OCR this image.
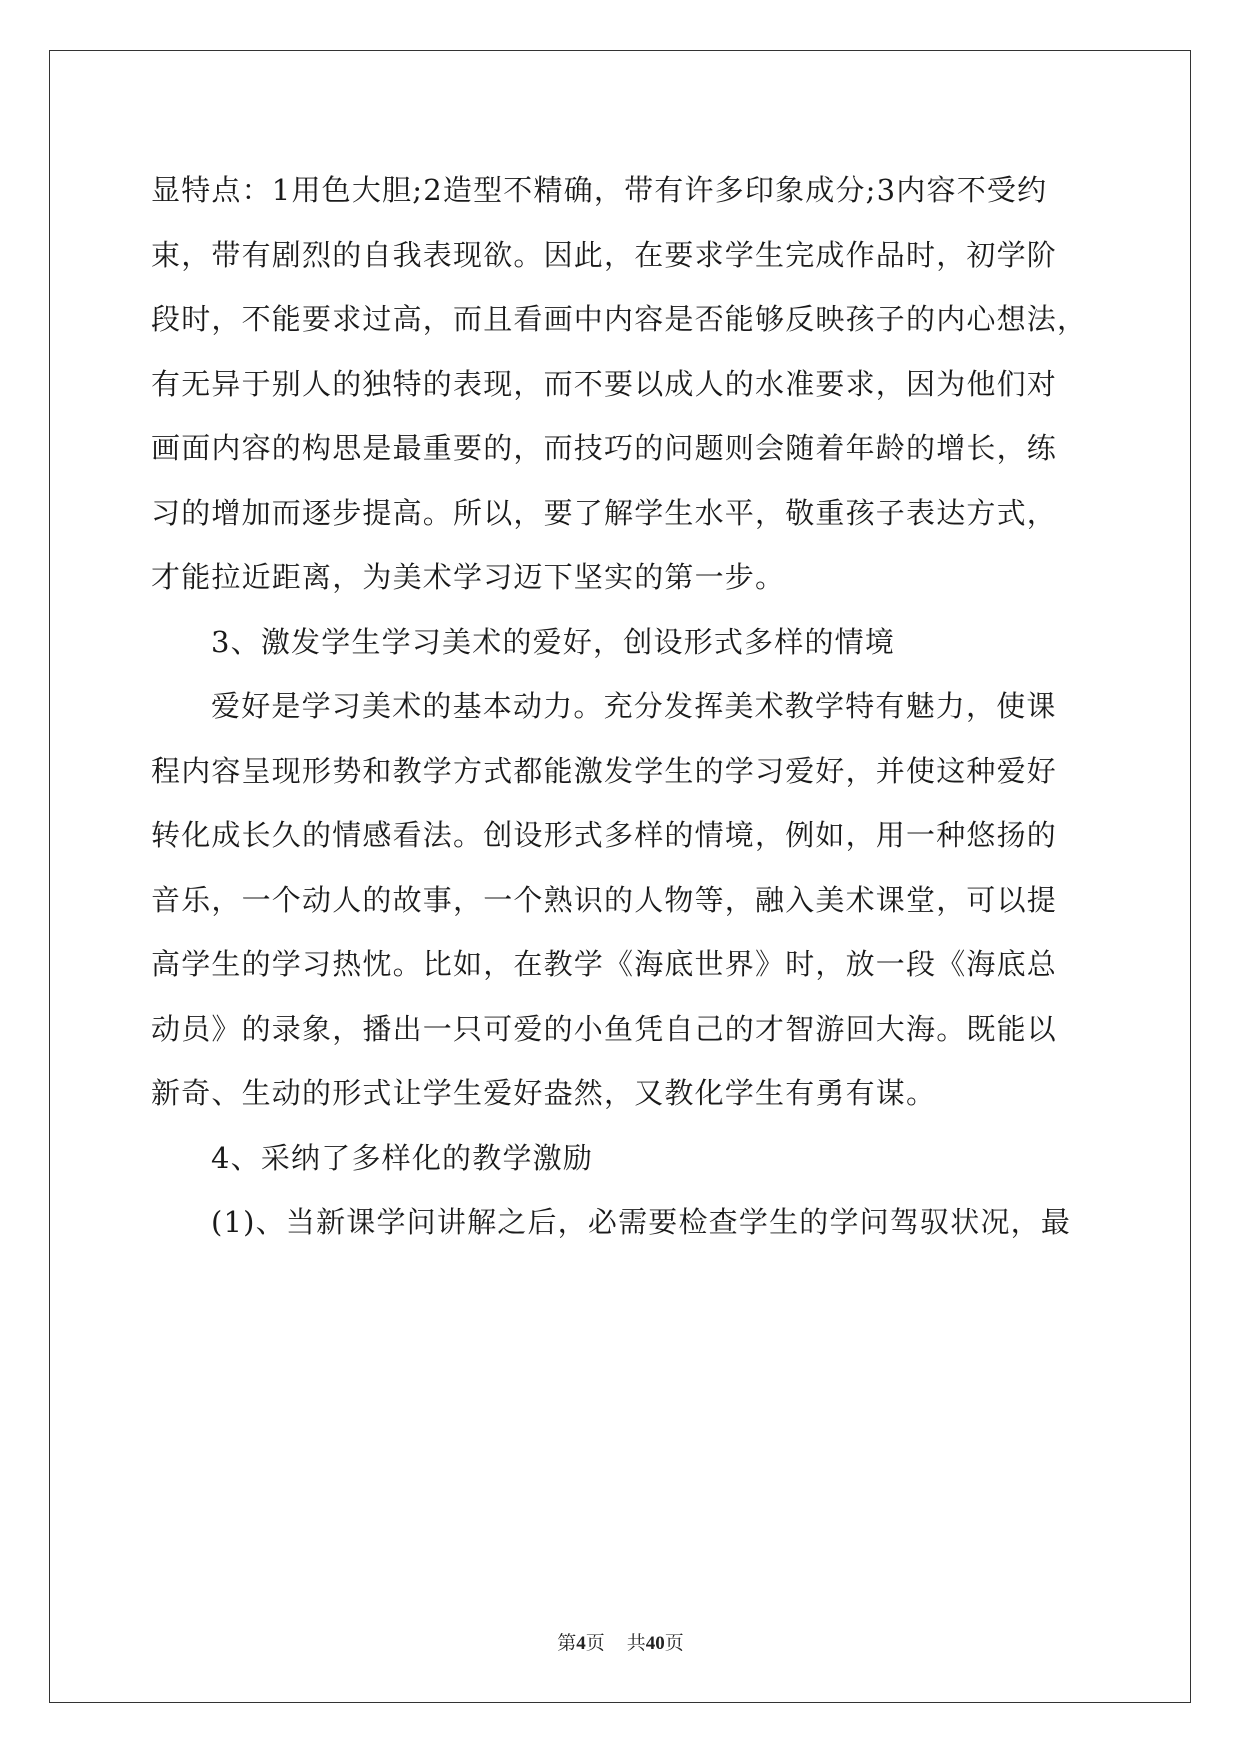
显特点：1用色大胆;2造型不精确，带有许多印象成分;3内容不受约
束，带有剧烈的自我表现欲。因此，在要求学生完成作品时，初学阶
段时，不能要求过高，而且看画中内容是否能够反映孩子的内心想法，
有无异于别人的独特的表现，而不要以成人的水准要求，因为他们对
画面内容的构思是最重要的，而技巧的问题则会随着年龄的增长，练
习的增加而逐步提高。所以，要了解学生水平，敬重孩子表达方式，
才能拉近距离，为美术学习迈下坚实的第一步。
3、激发学生学习美术的爱好，创设形式多样的情境
爱好是学习美术的基本动力。充分发挥美术教学特有魅力，使课
程内容呈现形势和教学方式都能激发学生的学习爱好，并使这种爱好
转化成长久的情感看法。创设形式多样的情境，例如，用一种悠扬的
音乐，一个动人的故事，一个熟识的人物等，融入美术课堂，可以提
高学生的学习热忱。比如，在教学《海底世界》时，放一段《海底总
动员》的录象，播出一只可爱的小鱼凭自己的才智游回大海。既能以
新奇、生动的形式让学生爱好盎然，又教化学生有勇有谋。
4、采纳了多样化的教学激励
(1)、当新课学问讲解之后，必需要检查学生的学问驾驭状况，最
第4页 共40页
